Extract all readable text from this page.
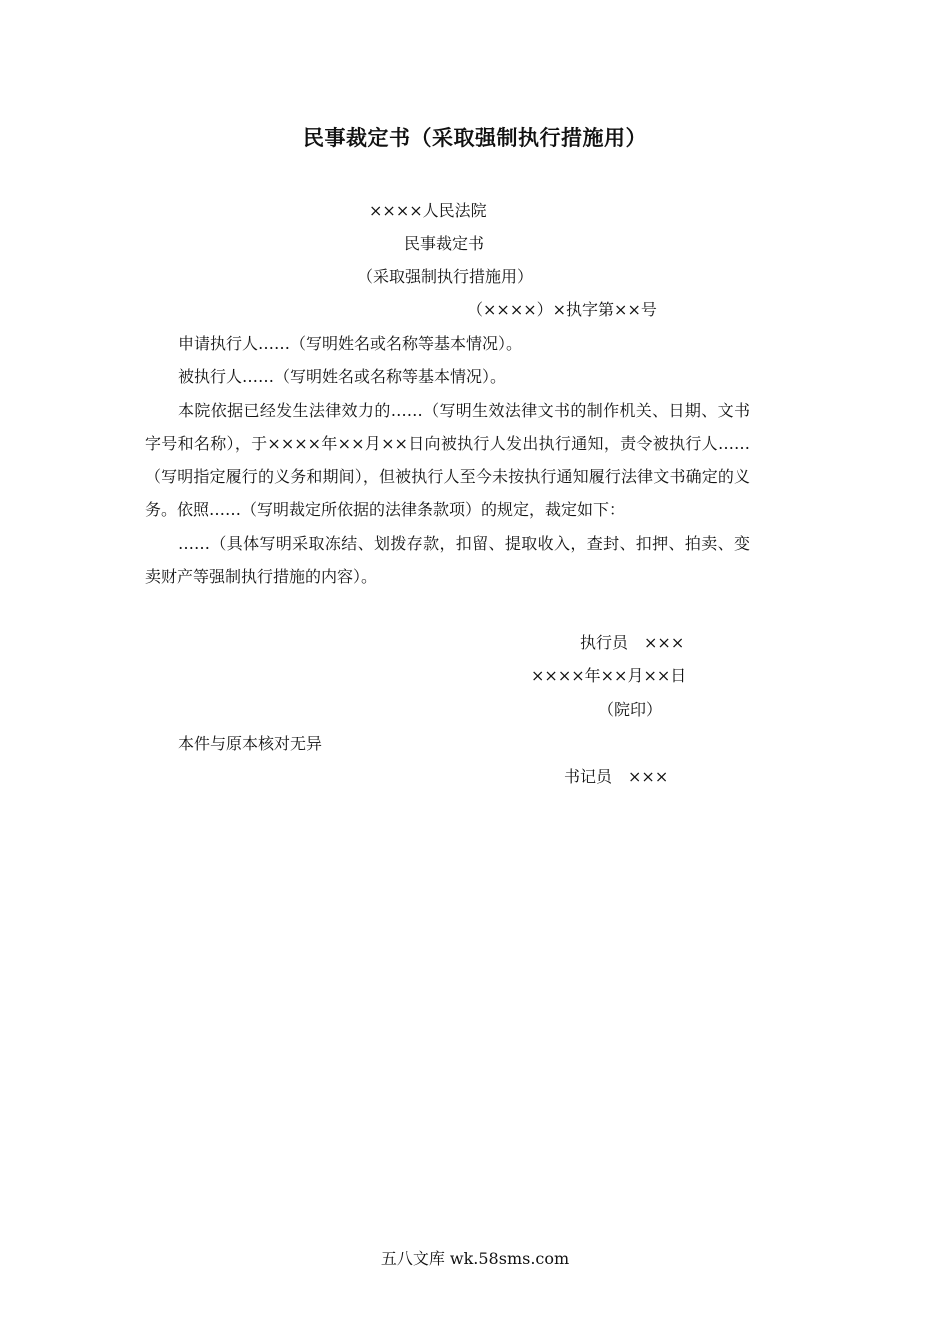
民事裁定书（采取强制执行措施用）
××××人民法院
民事裁定书
（采取强制执行措施用）
（××××）×执字第××号
申请执行人……（写明姓名或名称等基本情况）。
被执行人……（写明姓名或名称等基本情况）。
本院依据已经发生法律效力的……（写明生效法律文书的制作机关、日期、文书字号和名称），于××××年××月××日向被执行人发出执行通知，责令被执行人……（写明指定履行的义务和期间），但被执行人至今未按执行通知履行法律文书确定的义务。依照……（写明裁定所依据的法律条款项）的规定，裁定如下：
……（具体写明采取冻结、划拨存款，扣留、提取收入，查封、扣押、拍卖、变卖财产等强制执行措施的内容）。
执行员　×××
××××年××月××日
（院印）
本件与原本核对无异
书记员　×××
五八文库 wk.58sms.com
